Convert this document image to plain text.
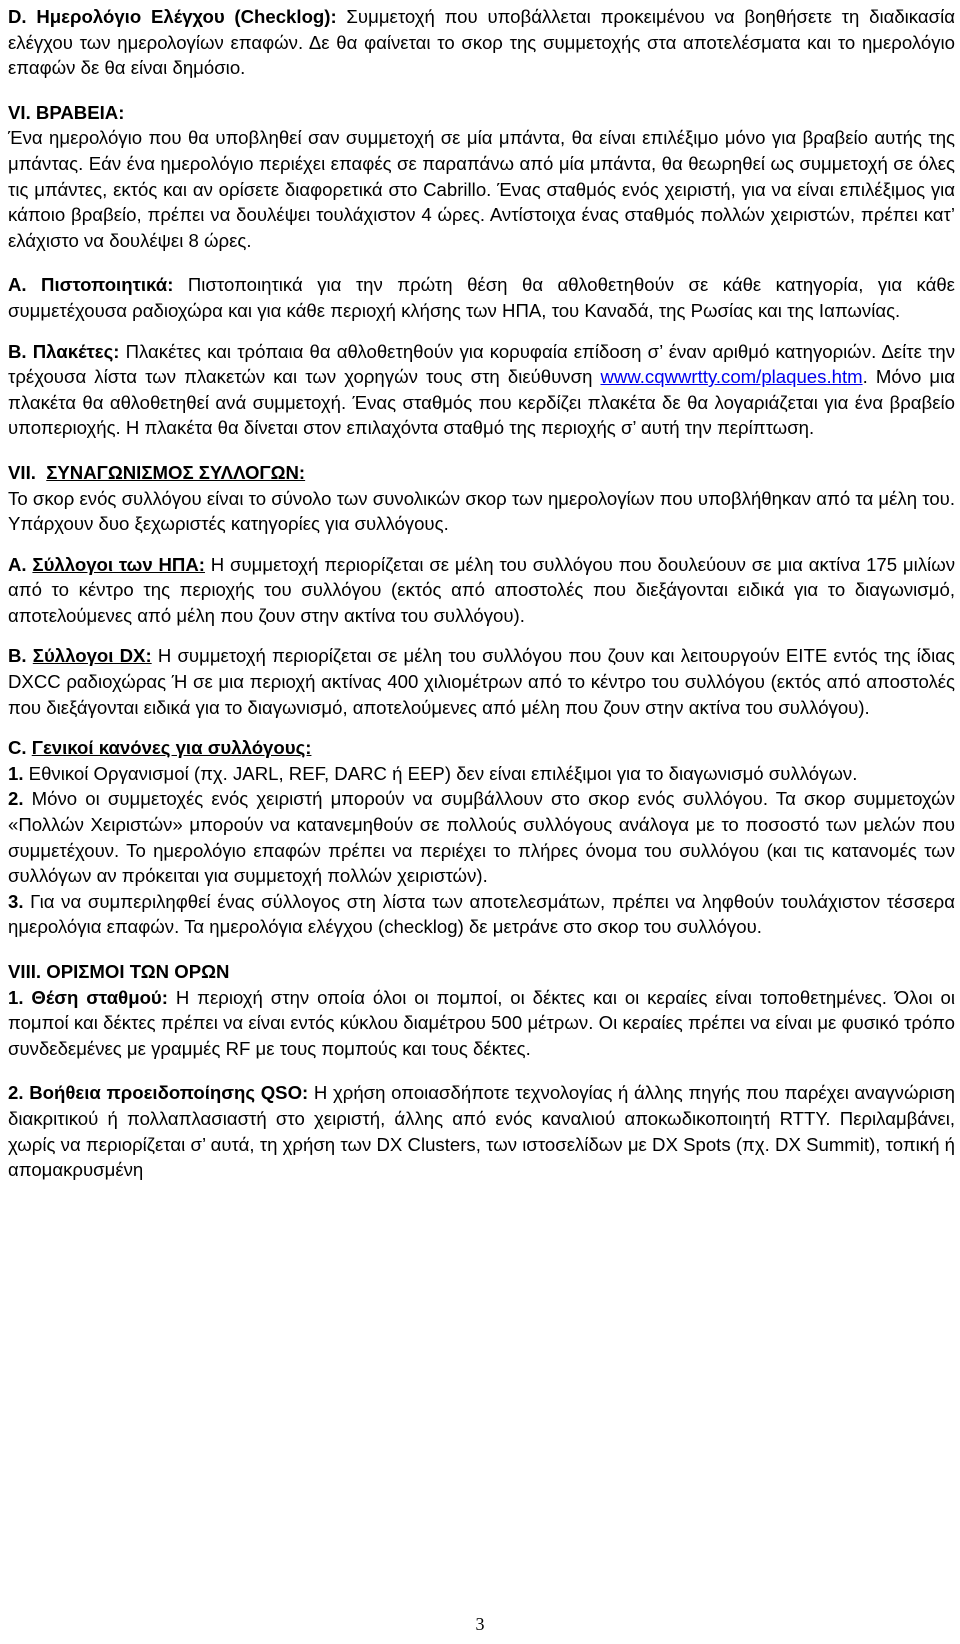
D. Ημερολόγιο Ελέγχου (Checklog): Συμμετοχή που υποβάλλεται προκειμένου να βοηθήσετε τη διαδικασία ελέγχου των ημερολογίων επαφών. Δε θα φαίνεται το σκορ της συμμετοχής στα αποτελέσματα και το ημερολόγιο επαφών δε θα είναι δημόσιο.

VI. ΒΡΑΒΕΙΑ:

Ένα ημερολόγιο που θα υποβληθεί σαν συμμετοχή σε μία μπάντα, θα είναι επιλέξιμο μόνο για βραβείο αυτής της μπάντας. Εάν ένα ημερολόγιο περιέχει επαφές σε παραπάνω από μία μπάντα, θα θεωρηθεί ως συμμετοχή σε όλες τις μπάντες, εκτός και αν ορίσετε διαφορετικά στο Cabrillo. Ένας σταθμός ενός χειριστή, για να είναι επιλέξιμος για κάποιο βραβείο, πρέπει να δουλέψει τουλάχιστον 4 ώρες. Αντίστοιχα ένας σταθμός πολλών χειριστών, πρέπει κατ’ ελάχιστο να δουλέψει 8 ώρες.

A. Πιστοποιητικά: Πιστοποιητικά για την πρώτη θέση θα αθλοθετηθούν σε κάθε κατηγορία, για κάθε συμμετέχουσα ραδιοχώρα και για κάθε περιοχή κλήσης των ΗΠΑ, του Καναδά, της Ρωσίας και της Ιαπωνίας.

B. Πλακέτες: Πλακέτες και τρόπαια θα αθλοθετηθούν για κορυφαία επίδοση σ’ έναν αριθμό κατηγοριών. Δείτε την τρέχουσα λίστα των πλακετών και των χορηγών τους στη διεύθυνση www.cqwwrtty.com/plaques.htm. Μόνο μια πλακέτα θα αθλοθετηθεί ανά συμμετοχή. Ένας σταθμός που κερδίζει πλακέτα δε θα λογαριάζεται για ένα βραβείο υποπεριοχής. Η πλακέτα θα δίνεται στον επιλαχόντα σταθμό της περιοχής σ’ αυτή την περίπτωση.

VII. ΣΥΝΑΓΩΝΙΣΜΟΣ ΣΥΛΛΟΓΩΝ:

Το σκορ ενός συλλόγου είναι το σύνολο των συνολικών σκορ των ημερολογίων που υποβλήθηκαν από τα μέλη του. Υπάρχουν δυο ξεχωριστές κατηγορίες για συλλόγους.

A. Σύλλογοι των ΗΠΑ: Η συμμετοχή περιορίζεται σε μέλη του συλλόγου που δουλεύουν σε μια ακτίνα 175 μιλίων από το κέντρο της περιοχής του συλλόγου (εκτός από αποστολές που διεξάγονται ειδικά για το διαγωνισμό, αποτελούμενες από μέλη που ζουν στην ακτίνα του συλλόγου).

B. Σύλλογοι DX: Η συμμετοχή περιορίζεται σε μέλη του συλλόγου που ζουν και λειτουργούν ΕΙΤΕ εντός της ίδιας DXCC ραδιοχώρας Ή σε μια περιοχή ακτίνας 400 χιλιομέτρων από το κέντρο του συλλόγου (εκτός από αποστολές που διεξάγονται ειδικά για το διαγωνισμό, αποτελούμενες από μέλη που ζουν στην ακτίνα του συλλόγου).

C. Γενικοί κανόνες για συλλόγους:

1. Εθνικοί Οργανισμοί (πχ. JARL, REF, DARC ή EEP) δεν είναι επιλέξιμοι για το διαγωνισμό συλλόγων.

2. Μόνο οι συμμετοχές ενός χειριστή μπορούν να συμβάλλουν στο σκορ ενός συλλόγου. Τα σκορ συμμετοχών «Πολλών Χειριστών» μπορούν να κατανεμηθούν σε πολλούς συλλόγους ανάλογα με το ποσοστό των μελών που συμμετέχουν. Το ημερολόγιο επαφών πρέπει να περιέχει το πλήρες όνομα του συλλόγου (και τις κατανομές των συλλόγων αν πρόκειται για συμμετοχή πολλών χειριστών).

3. Για να συμπεριληφθεί ένας σύλλογος στη λίστα των αποτελεσμάτων, πρέπει να ληφθούν τουλάχιστον τέσσερα ημερολόγια επαφών. Τα ημερολόγια ελέγχου (checklog) δε μετράνε στο σκορ του συλλόγου.

VIII. ΟΡΙΣΜΟΙ ΤΩΝ ΟΡΩΝ

1. Θέση σταθμού: Η περιοχή στην οποία όλοι οι πομποί, οι δέκτες και οι κεραίες είναι τοποθετημένες. Όλοι οι πομποί και δέκτες πρέπει να είναι εντός κύκλου διαμέτρου 500 μέτρων. Οι κεραίες πρέπει να είναι με φυσικό τρόπο συνδεδεμένες με γραμμές RF με τους πομπούς και τους δέκτες.

2. Βοήθεια προειδοποίησης QSO: Η χρήση οποιασδήποτε τεχνολογίας ή άλλης πηγής που παρέχει αναγνώριση διακριτικού ή πολλαπλασιαστή στο χειριστή, άλλης από ενός καναλιού αποκωδικοποιητή RTTY. Περιλαμβάνει, χωρίς να περιορίζεται σ’ αυτά, τη χρήση των DX Clusters, των ιστοσελίδων με DX Spots (πχ. DX Summit), τοπική ή απομακρυσμένη

3
